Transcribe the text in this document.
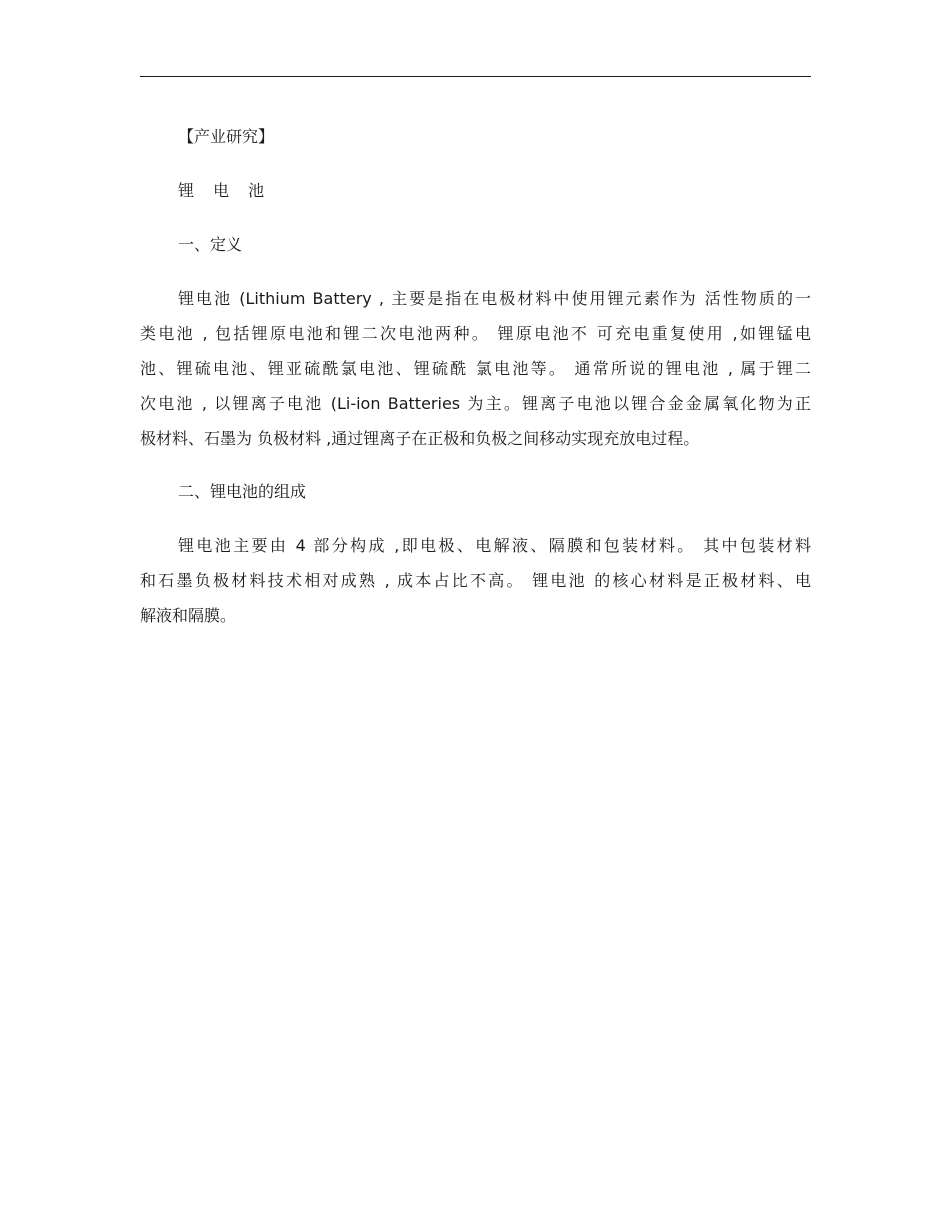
【产业研究】
锂 电 池
一、定义
锂电池 (Lithium Battery , 主要是指在电极材料中使用锂元素作为 活性物质的一
类电池 , 包括锂原电池和锂二次电池两种。 锂原电池不 可充电重复使用 ,如锂锰电
池、锂硫电池、锂亚硫酰氯电池、锂硫酰 氯电池等。 通常所说的锂电池 , 属于锂二
次电池 , 以锂离子电池 (Li-ion Batteries 为主。锂离子电池以锂合金金属氧化物为正
极材料、石墨为 负极材料 ,通过锂离子在正极和负极之间移动实现充放电过程。
二、锂电池的组成
锂电池主要由 4 部分构成 ,即电极、电解液、隔膜和包装材料。 其中包装材料
和石墨负极材料技术相对成熟 , 成本占比不高。 锂电池 的核心材料是正极材料、电
解液和隔膜。
